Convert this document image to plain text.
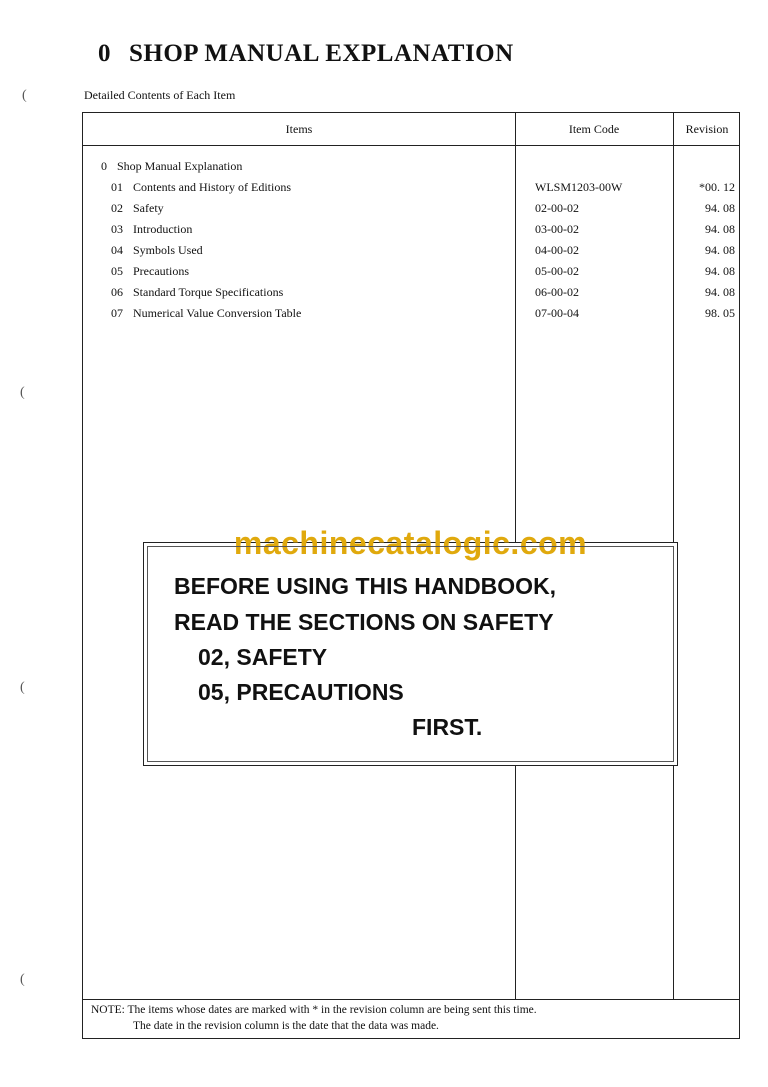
0 SHOP MANUAL EXPLANATION
Detailed Contents of Each Item
(
(
(
(
Items	Item Code	Revision
0 Shop Manual Explanation
01 Contents and History of Editions	WLSM1203-00W	*00. 12
02 Safety	02-00-02	94. 08
03 Introduction	03-00-02	94. 08
04 Symbols Used	04-00-02	94. 08
05 Precautions	05-00-02	94. 08
06 Standard Torque Specifications	06-00-02	94. 08
07 Numerical Value Conversion Table	07-00-04	98. 05
NOTE: The items whose dates are marked with * in the revision column are being sent this time.
The date in the revision column is the date that the data was made.
machinecatalogic.com
BEFORE USING THIS HANDBOOK,
READ THE SECTIONS ON SAFETY
02, SAFETY
05, PRECAUTIONS
FIRST.
